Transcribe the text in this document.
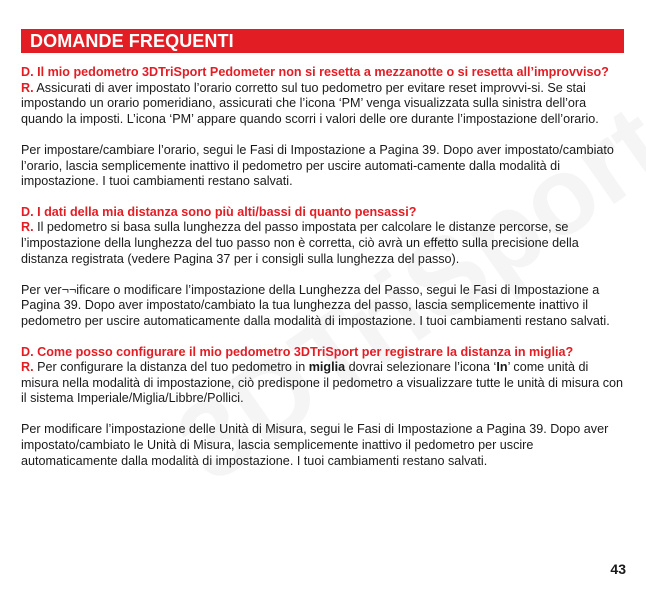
DOMANDE FREQUENTI

D. Il mio pedometro 3DTriSport Pedometer non si resetta a mezzanotte o si resetta all’improvviso?

R. Assicurati di aver impostato l’orario corretto sul tuo pedometro per evitare reset improvvi-si. Se stai impostando un orario pomeridiano, assicurati che l’icona ‘PM’ venga visualizzata sulla sinistra dell’ora quando la imposti. L’icona ‘PM’ appare quando scorri i valori delle ore durante l’impostazione dell’orario.

Per impostare/cambiare l’orario, segui le Fasi di Impostazione a Pagina 39. Dopo aver impostato/cambiato l’orario, lascia semplicemente inattivo il pedometro per uscire automati-camente dalla modalità di impostazione. I tuoi cambiamenti restano salvati.

D. I dati della mia distanza sono più alti/bassi di quanto pensassi?

R. Il pedometro si basa sulla lunghezza del passo impostata per calcolare le distanze percorse, se l’impostazione della lunghezza del tuo passo non è corretta, ciò avrà un effetto sulla precisione della distanza registrata (vedere Pagina 37 per i consigli sulla lunghezza del passo).

Per ver¬¬ificare o modificare l’impostazione della Lunghezza del Passo, segui le Fasi di Impostazione a Pagina 39. Dopo aver impostato/cambiato la tua lunghezza del passo, lascia semplicemente inattivo il pedometro per uscire automaticamente dalla modalità di impostazione. I tuoi cambiamenti restano salvati.

D. Come posso configurare il mio pedometro 3DTriSport per registrare la distanza in miglia?

R. Per configurare la distanza del tuo pedometro in miglia dovrai selezionare l’icona ‘In’ come unità di misura nella modalità di impostazione, ciò predispone il pedometro a visualizzare tutte le unità di misura con il sistema Imperiale/Miglia/Libbre/Pollici.

Per modificare l’impostazione delle Unità di Misura, segui le Fasi di Impostazione a Pagina 39. Dopo aver impostato/cambiato le Unità di Misura, lascia semplicemente inattivo il pedometro per uscire automaticamente dalla modalità di impostazione. I tuoi cambiamenti restano salvati.

43
